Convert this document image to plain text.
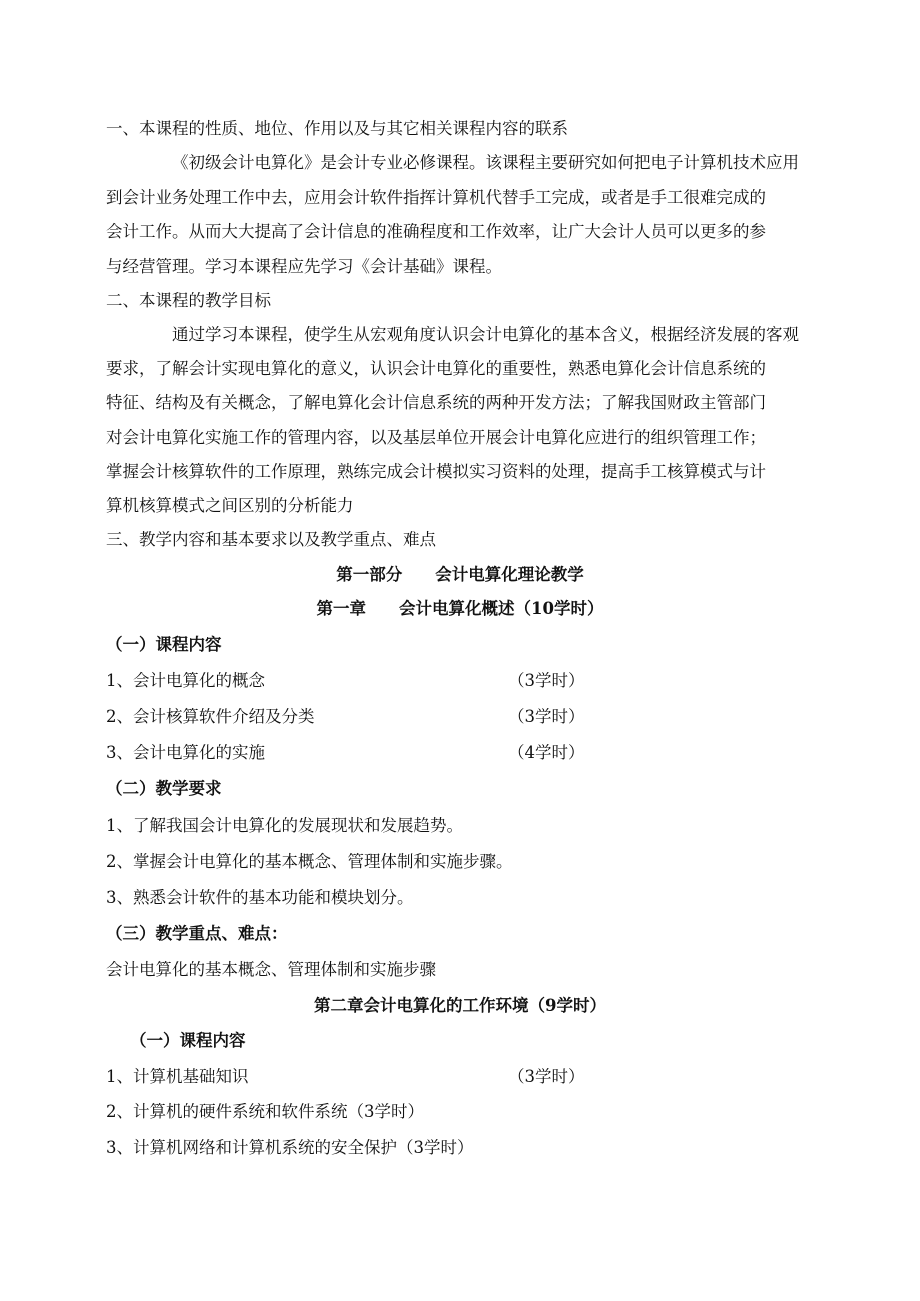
一、本课程的性质、地位、作用以及与其它相关课程内容的联系
《初级会计电算化》是会计专业必修课程。该课程主要研究如何把电子计算机技术应用
到会计业务处理工作中去，应用会计软件指挥计算机代替手工完成，或者是手工很难完成的
会计工作。从而大大提高了会计信息的准确程度和工作效率，让广大会计人员可以更多的参
与经营管理。学习本课程应先学习《会计基础》课程。
二、本课程的教学目标
通过学习本课程，使学生从宏观角度认识会计电算化的基本含义，根据经济发展的客观
要求，了解会计实现电算化的意义，认识会计电算化的重要性，熟悉电算化会计信息系统的
特征、结构及有关概念，了解电算化会计信息系统的两种开发方法；了解我国财政主管部门
对会计电算化实施工作的管理内容，以及基层单位开展会计电算化应进行的组织管理工作；
掌握会计核算软件的工作原理，熟练完成会计模拟实习资料的处理，提高手工核算模式与计
算机核算模式之间区别的分析能力
三、教学内容和基本要求以及教学重点、难点
第一部分　　会计电算化理论教学
第一章　　会计电算化概述（10学时）
（一）课程内容
1、会计电算化的概念	（3学时）
2、会计核算软件介绍及分类	（3学时）
3、会计电算化的实施	（4学时）
（二）教学要求
1、了解我国会计电算化的发展现状和发展趋势。
2、掌握会计电算化的基本概念、管理体制和实施步骤。
3、熟悉会计软件的基本功能和模块划分。
（三）教学重点、难点：
会计电算化的基本概念、管理体制和实施步骤
第二章会计电算化的工作环境（9学时）
（一）课程内容
1、计算机基础知识	（3学时）
2、计算机的硬件系统和软件系统（3学时）
3、计算机网络和计算机系统的安全保护（3学时）
